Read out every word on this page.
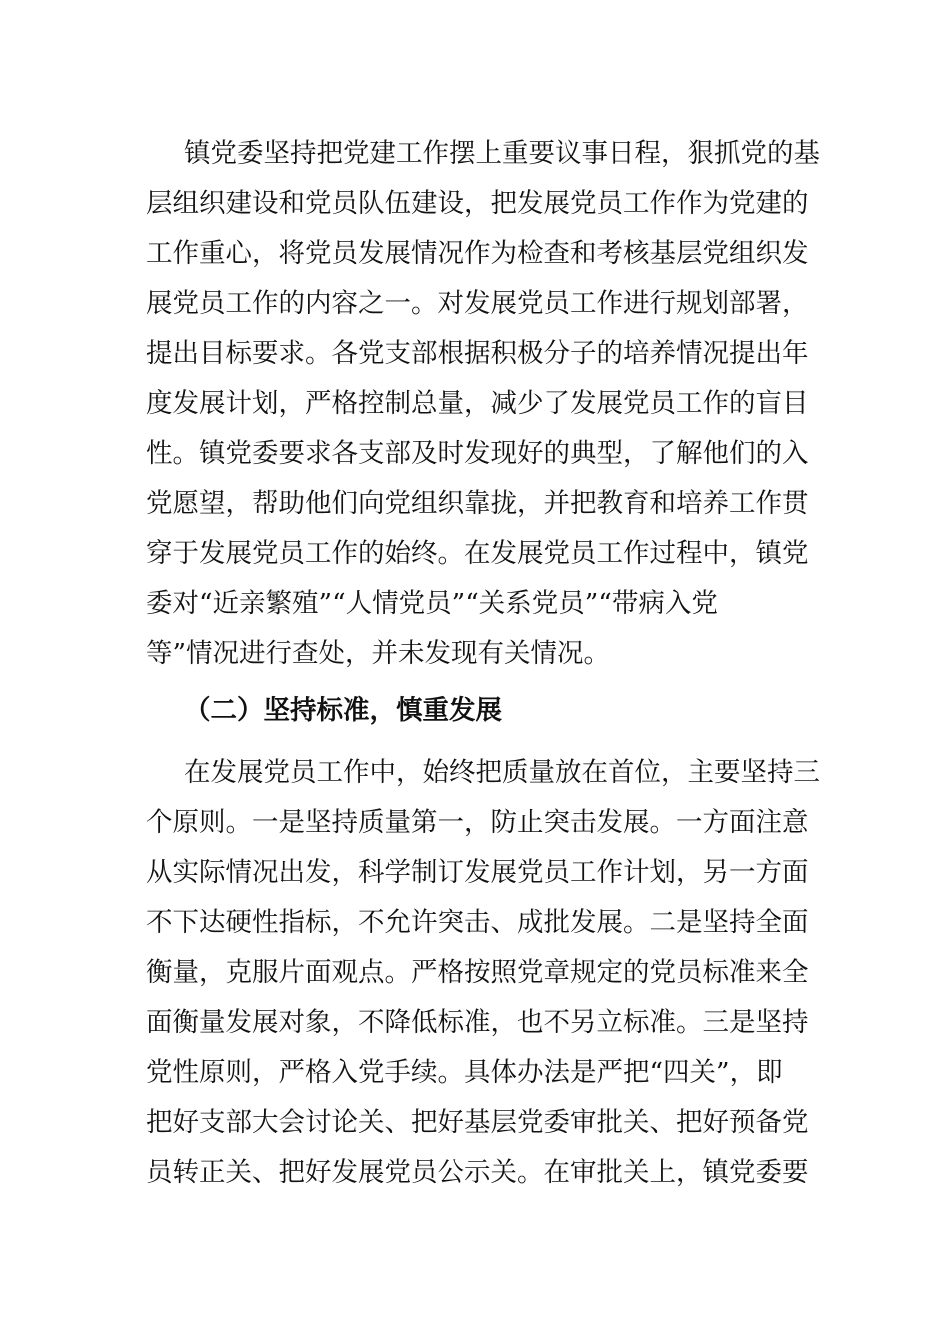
镇党委坚持把党建工作摆上重要议事日程，狠抓党的基
层组织建设和党员队伍建设，把发展党员工作作为党建的
工作重心，将党员发展情况作为检查和考核基层党组织发
展党员工作的内容之一。对发展党员工作进行规划部署，
提出目标要求。各党支部根据积极分子的培养情况提出年
度发展计划，严格控制总量，减少了发展党员工作的盲目
性。镇党委要求各支部及时发现好的典型，了解他们的入
党愿望，帮助他们向党组织靠拢，并把教育和培养工作贯
穿于发展党员工作的始终。在发展党员工作过程中，镇党
委对“近亲繁殖”“人情党员”“关系党员”“带病入党
等”情况进行查处，并未发现有关情况。
（二）坚持标准，慎重发展
在发展党员工作中，始终把质量放在首位，主要坚持三
个原则。一是坚持质量第一，防止突击发展。一方面注意
从实际情况出发，科学制订发展党员工作计划，另一方面
不下达硬性指标，不允许突击、成批发展。二是坚持全面
衡量，克服片面观点。严格按照党章规定的党员标准来全
面衡量发展对象，不降低标准，也不另立标准。三是坚持
党性原则，严格入党手续。具体办法是严把“四关”，即
把好支部大会讨论关、把好基层党委审批关、把好预备党
员转正关、把好发展党员公示关。在审批关上，镇党委要
